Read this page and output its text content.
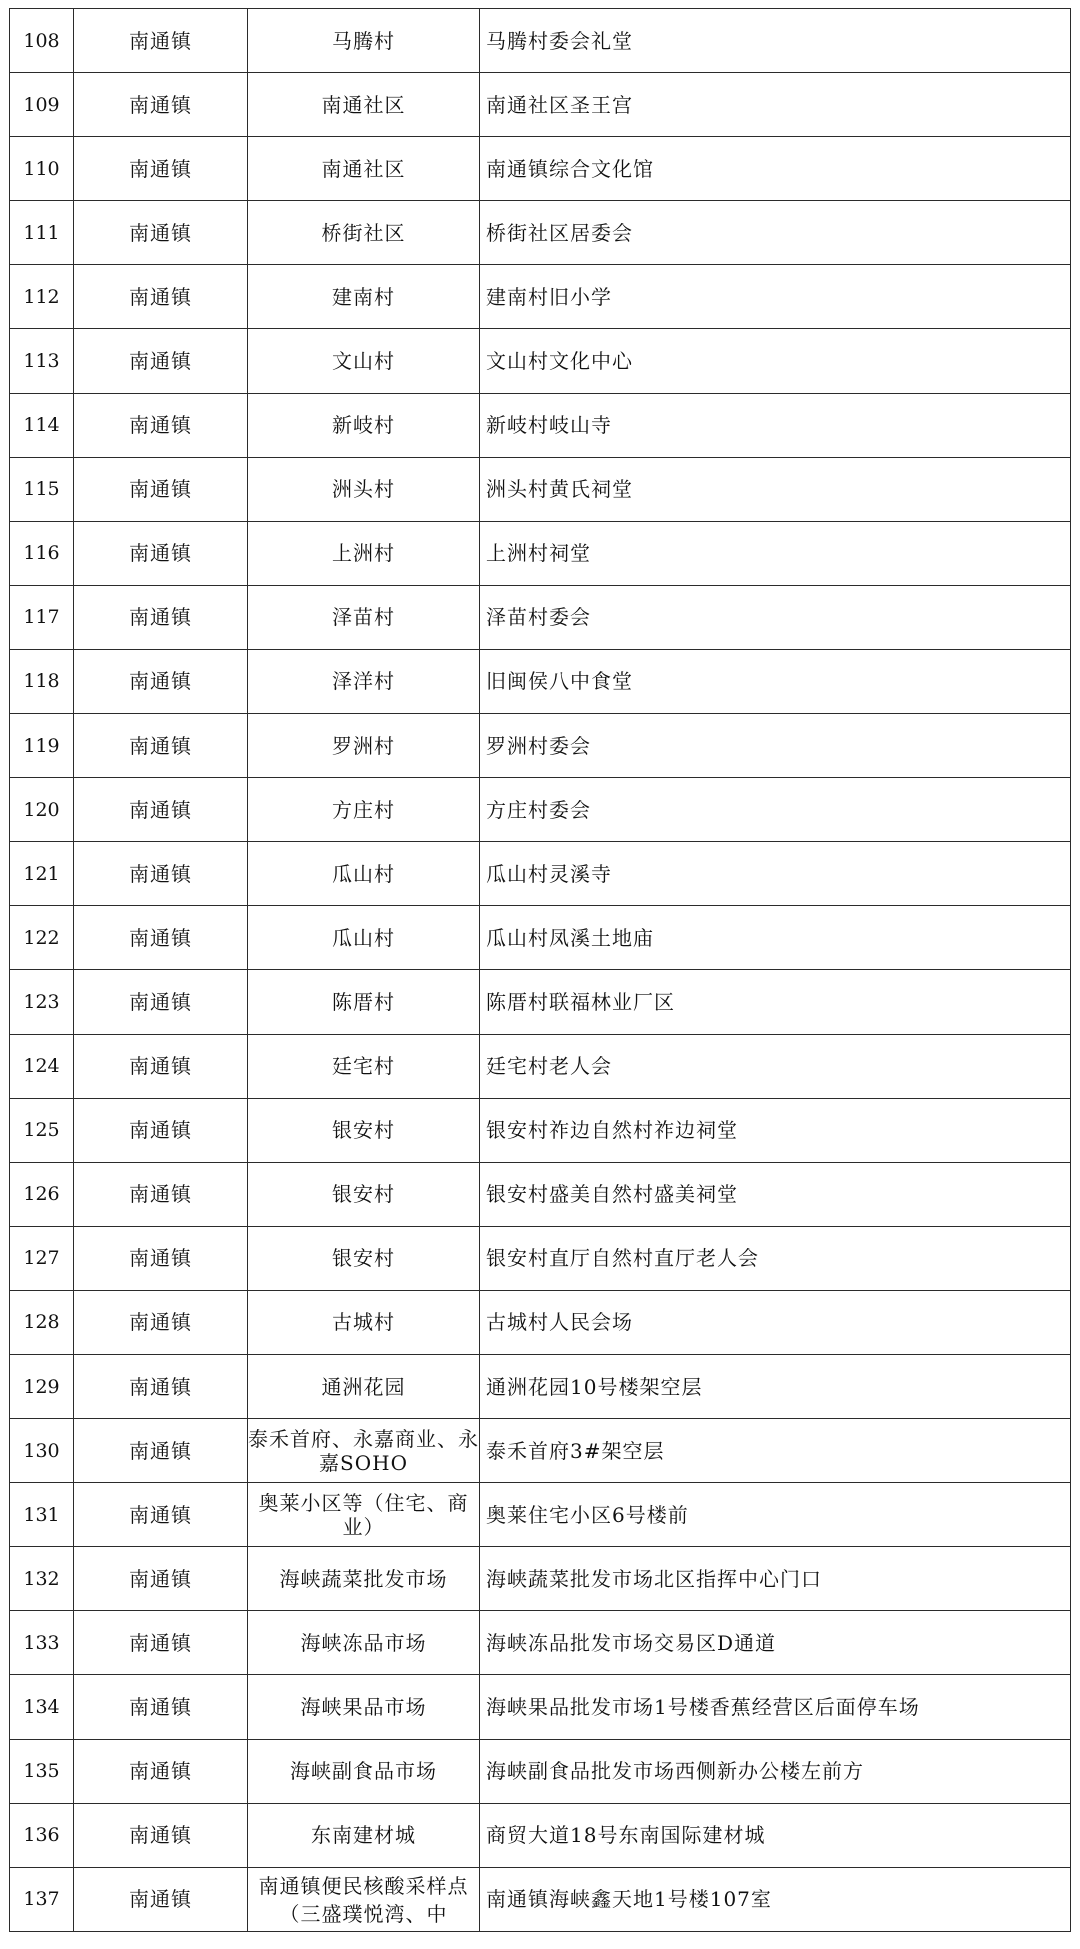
108	南通镇	马腾村	马腾村委会礼堂
109	南通镇	南通社区	南通社区圣王宫
110	南通镇	南通社区	南通镇综合文化馆
111	南通镇	桥街社区	桥街社区居委会
112	南通镇	建南村	建南村旧小学
113	南通镇	文山村	文山村文化中心
114	南通镇	新岐村	新岐村岐山寺
115	南通镇	洲头村	洲头村黄氏祠堂
116	南通镇	上洲村	上洲村祠堂
117	南通镇	泽苗村	泽苗村委会
118	南通镇	泽洋村	旧闽侯八中食堂
119	南通镇	罗洲村	罗洲村委会
120	南通镇	方庄村	方庄村委会
121	南通镇	瓜山村	瓜山村灵溪寺
122	南通镇	瓜山村	瓜山村凤溪土地庙
123	南通镇	陈厝村	陈厝村联福林业厂区
124	南通镇	廷宅村	廷宅村老人会
125	南通镇	银安村	银安村祚边自然村祚边祠堂
126	南通镇	银安村	银安村盛美自然村盛美祠堂
127	南通镇	银安村	银安村直厅自然村直厅老人会
128	南通镇	古城村	古城村人民会场
129	南通镇	通洲花园	通洲花园10号楼架空层
130	南通镇	泰禾首府、永嘉商业、永嘉SOHO	泰禾首府3#架空层
131	南通镇	奥莱小区等（住宅、商业）	奥莱住宅小区6号楼前
132	南通镇	海峡蔬菜批发市场	海峡蔬菜批发市场北区指挥中心门口
133	南通镇	海峡冻品市场	海峡冻品批发市场交易区D通道
134	南通镇	海峡果品市场	海峡果品批发市场1号楼香蕉经营区后面停车场
135	南通镇	海峡副食品市场	海峡副食品批发市场西侧新办公楼左前方
136	南通镇	东南建材城	商贸大道18号东南国际建材城
137	南通镇	南通镇便民核酸采样点（三盛璞悦湾、中	南通镇海峡鑫天地1号楼107室
